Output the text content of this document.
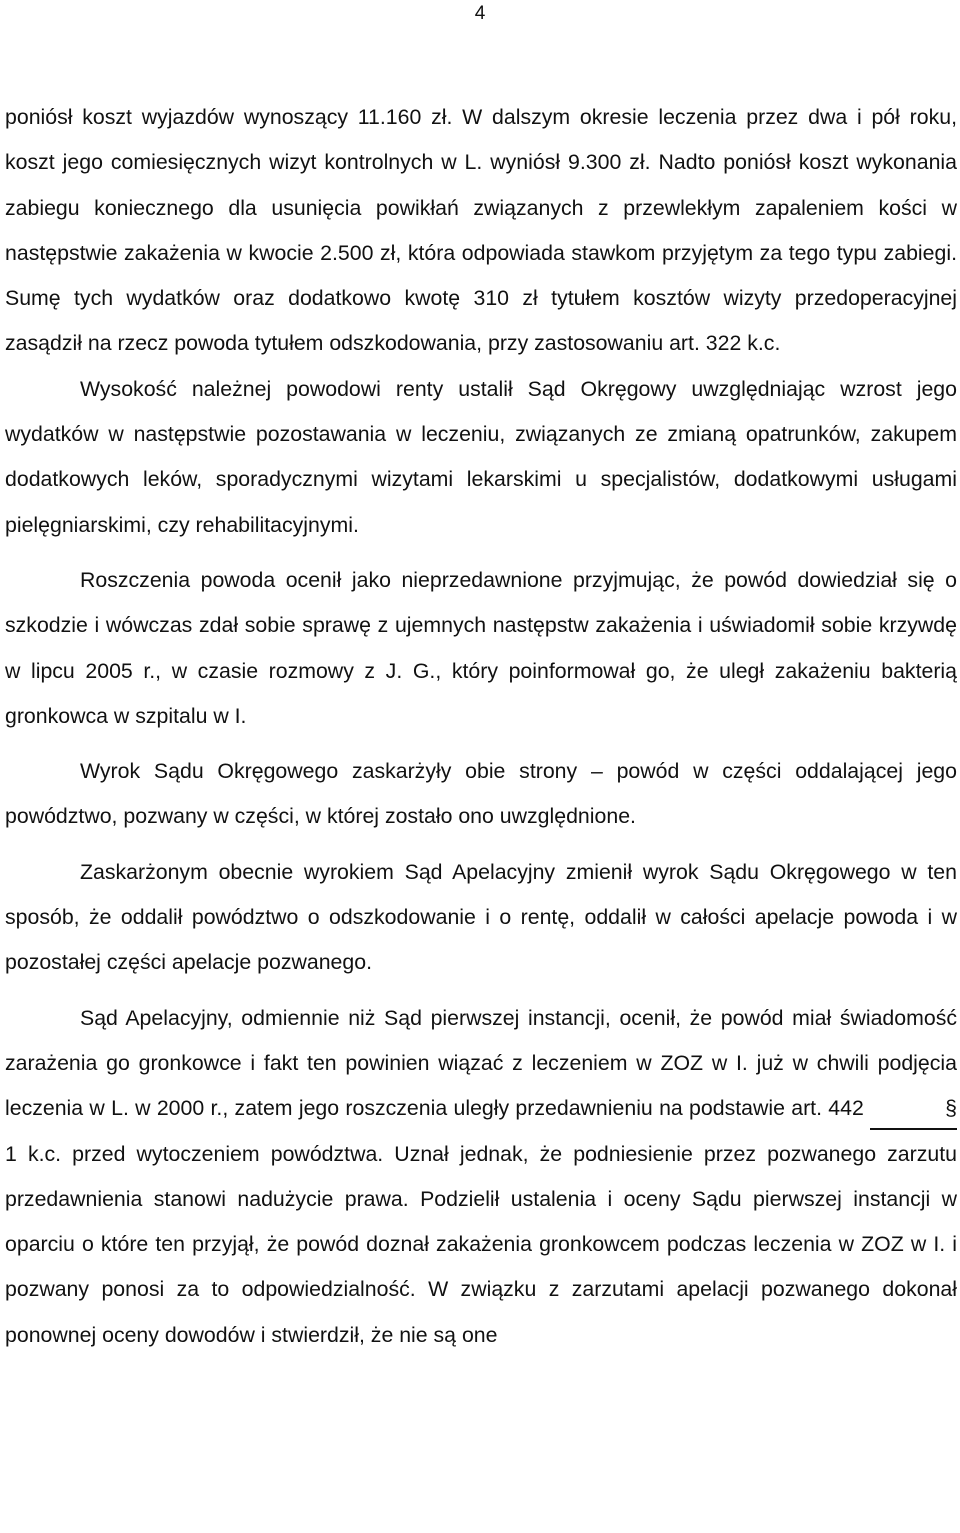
4

poniósł koszt wyjazdów wynoszący 11.160 zł. W dalszym okresie leczenia przez dwa i pół roku, koszt jego comiesięcznych wizyt kontrolnych w L. wyniósł 9.300 zł. Nadto poniósł koszt wykonania zabiegu koniecznego dla usunięcia powikłań związanych z przewlekłym zapaleniem kości w następstwie zakażenia w kwocie 2.500 zł, która odpowiada stawkom przyjętym za tego typu zabiegi. Sumę tych wydatków oraz dodatkowo kwotę 310 zł tytułem kosztów wizyty przedoperacyjnej zasądził na rzecz powoda tytułem odszkodowania, przy zastosowaniu art. 322 k.c.

Wysokość należnej powodowi renty ustalił Sąd Okręgowy uwzględniając wzrost jego wydatków w następstwie pozostawania w leczeniu, związanych ze zmianą opatrunków, zakupem dodatkowych leków, sporadycznymi wizytami lekarskimi u specjalistów, dodatkowymi usługami pielęgniarskimi, czy rehabilitacyjnymi.

Roszczenia powoda ocenił jako nieprzedawnione przyjmując, że powód dowiedział się o szkodzie i wówczas zdał sobie sprawę z ujemnych następstw zakażenia i uświadomił sobie krzywdę w lipcu 2005 r., w czasie rozmowy z J. G., który poinformował go, że uległ zakażeniu bakterią gronkowca w szpitalu w I.

Wyrok Sądu Okręgowego zaskarżyły obie strony – powód w części oddalającej jego powództwo, pozwany w części, w której zostało ono uwzględnione.

Zaskarżonym obecnie wyrokiem Sąd Apelacyjny zmienił wyrok Sądu Okręgowego w ten sposób, że oddalił powództwo o odszkodowanie i o rentę, oddalił w całości apelacje powoda i w pozostałej części apelacje pozwanego.

Sąd Apelacyjny, odmiennie niż Sąd pierwszej instancji, ocenił, że powód miał świadomość zarażenia go gronkowce i fakt ten powinien wiązać z leczeniem w ZOZ w I. już w chwili podjęcia leczenia w L. w 2000 r., zatem jego roszczenia uległy przedawnieniu na podstawie art. 442	§ 1 k.c. przed wytoczeniem powództwa. Uznał jednak, że podniesienie przez pozwanego zarzutu przedawnienia stanowi nadużycie prawa. Podzielił ustalenia i oceny Sądu pierwszej instancji w oparciu o które ten przyjął, że powód doznał zakażenia gronkowcem podczas leczenia w ZOZ w I. i pozwany ponosi za to odpowiedzialność. W związku z zarzutami apelacji pozwanego dokonał ponownej oceny dowodów i stwierdził, że nie są one
